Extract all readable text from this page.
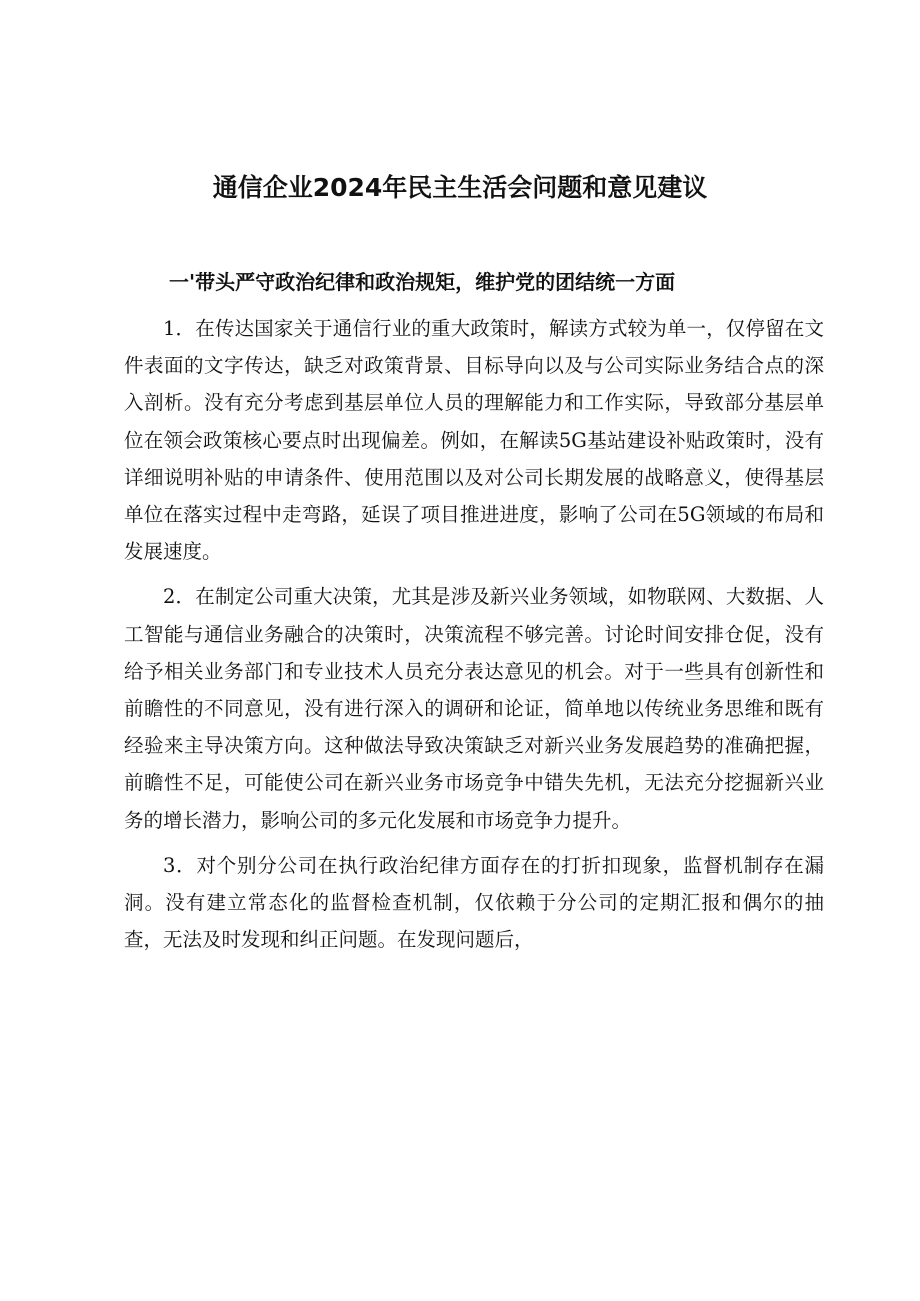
通信企业2024年民主生活会问题和意见建议
一'带头严守政治纪律和政治规矩，维护党的团结统一方面

1．在传达国家关于通信行业的重大政策时，解读方式较为单一，仅停留在文件表面的文字传达，缺乏对政策背景、目标导向以及与公司实际业务结合点的深入剖析。没有充分考虑到基层单位人员的理解能力和工作实际，导致部分基层单位在领会政策核心要点时出现偏差。例如，在解读5G基站建设补贴政策时，没有详细说明补贴的申请条件、使用范围以及对公司长期发展的战略意义，使得基层单位在落实过程中走弯路，延误了项目推进进度，影响了公司在5G领域的布局和发展速度。

2．在制定公司重大决策，尤其是涉及新兴业务领域，如物联网、大数据、人工智能与通信业务融合的决策时，决策流程不够完善。讨论时间安排仓促，没有给予相关业务部门和专业技术人员充分表达意见的机会。对于一些具有创新性和前瞻性的不同意见，没有进行深入的调研和论证，简单地以传统业务思维和既有经验来主导决策方向。这种做法导致决策缺乏对新兴业务发展趋势的准确把握，前瞻性不足，可能使公司在新兴业务市场竞争中错失先机，无法充分挖掘新兴业务的增长潜力，影响公司的多元化发展和市场竞争力提升。

3．对个别分公司在执行政治纪律方面存在的打折扣现象，监督机制存在漏洞。没有建立常态化的监督检查机制，仅依赖于分公司的定期汇报和偶尔的抽查，无法及时发现和纠正问题。在发现问题后，
